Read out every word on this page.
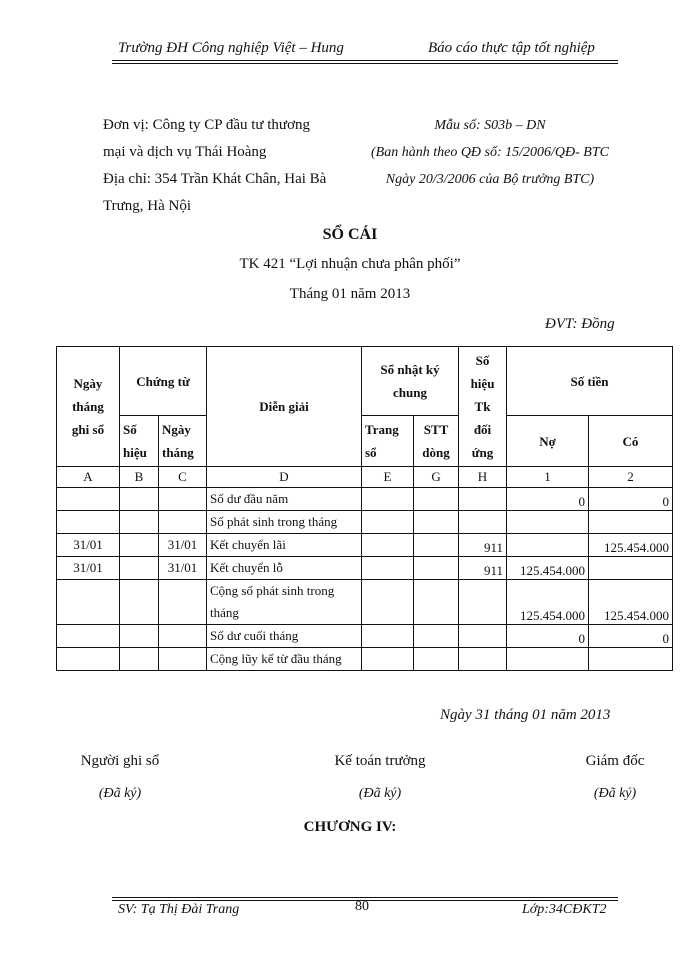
Trường ĐH Công nghiệp Việt – Hung	Báo cáo thực tập tốt nghiệp
Đơn vị: Công ty CP đầu tư thương
mại và dịch vụ Thái Hoàng
Địa chỉ: 354 Trần Khát Chân, Hai Bà
Trưng, Hà Nội
Mẫu số: S03b – DN
(Ban hành theo QĐ số: 15/2006/QĐ- BTC
Ngày 20/3/2006 của Bộ trưởng BTC)
SỔ CÁI
TK 421 “Lợi nhuận chưa phân phối”
Tháng 01 năm 2013
ĐVT: Đồng
Ngày tháng ghi sổ	Chứng từ		Diễn giải	Sổ nhật ký chung		Số hiệu Tk đối ứng	Số tiền	

	Số hiệu	Ngày tháng		Trang sổ	STT dòng		Nợ	Có
A	B	C	D	E	G	H	1	2
			Số dư đầu năm				0	0
			Số phát sinh trong tháng					
31/01		31/01	Kết chuyển lãi			911		125.454.000
31/01		31/01	Kết chuyển lỗ			911	125.454.000	
			Cộng số phát sinh trong tháng				125.454.000	125.454.000
			Số dư cuối tháng				0	0
			Cộng lũy kế từ đầu tháng					
Ngày 31 tháng 01 năm 2013
Người ghi sổ	Kế toán trưởng	Giám đốc
(Đã ký)	(Đã ký)	(Đã ký)
CHƯƠNG IV:
SV: Tạ Thị Đài Trang	80	Lớp:34CĐKT2
